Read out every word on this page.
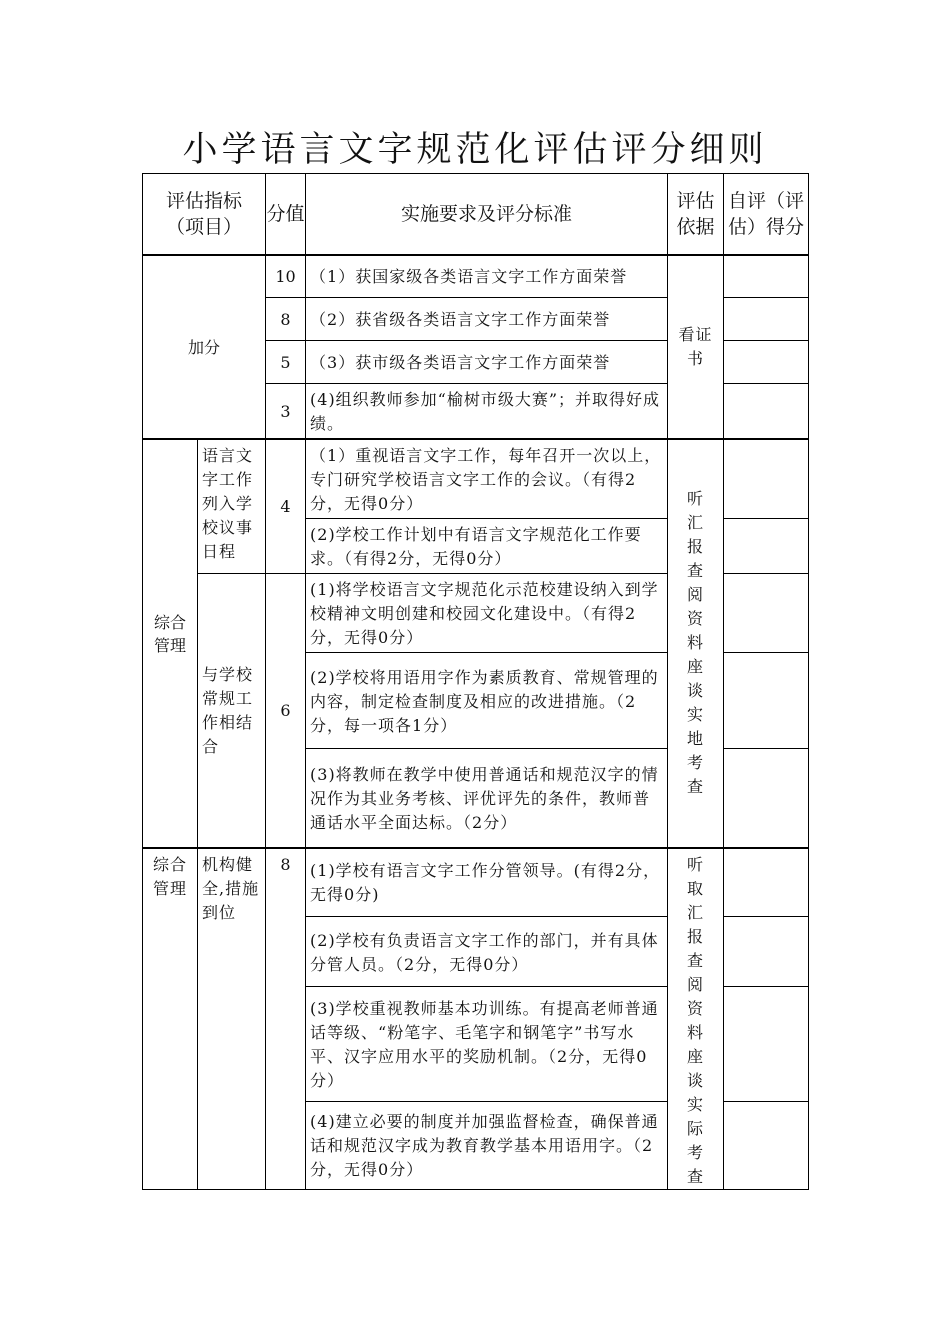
小学语言文字规范化评估评分细则
评估指标（项目）		分值	实施要求及评分标准	评估依据	自评（评估）得分
加分		10	（1）获国家级各类语言文字工作方面荣誉	看证书	
		8	（2）获省级各类语言文字工作方面荣誉		
		5	（3）获市级各类语言文字工作方面荣誉		
		3	(4)组织教师参加“榆树市级大赛”；并取得好成绩。		
综合管理	语言文字工作列入学校议事日程	4	（1）重视语言文字工作，每年召开一次以上，专门研究学校语言文字工作的会议。（有得2分，无得0分）	听汇报查阅资料座谈实地考查	
			(2)学校工作计划中有语言文字规范化工作要求。（有得2分，无得0分）		
	与学校常规工作相结合	6	(1)将学校语言文字规范化示范校建设纳入到学校精神文明创建和校园文化建设中。（有得2分，无得0分）		
			(2)学校将用语用字作为素质教育、常规管理的内容，制定检查制度及相应的改进措施。（2分，每一项各1分）		
			(3)将教师在教学中使用普通话和规范汉字的情况作为其业务考核、评优评先的条件，教师普通话水平全面达标。（2分）		
综合管理	机构健全,措施到位	8	(1)学校有语言文字工作分管领导。(有得2分，无得0分)	听取汇报查阅资料座谈实际考查	
			(2)学校有负责语言文字工作的部门，并有具体分管人员。（2分，无得0分）		
			(3)学校重视教师基本功训练。有提高老师普通话等级、“粉笔字、毛笔字和钢笔字”书写水平、汉字应用水平的奖励机制。（2分，无得0分）		
			(4)建立必要的制度并加强监督检查，确保普通话和规范汉字成为教育教学基本用语用字。（2分，无得0分）		
